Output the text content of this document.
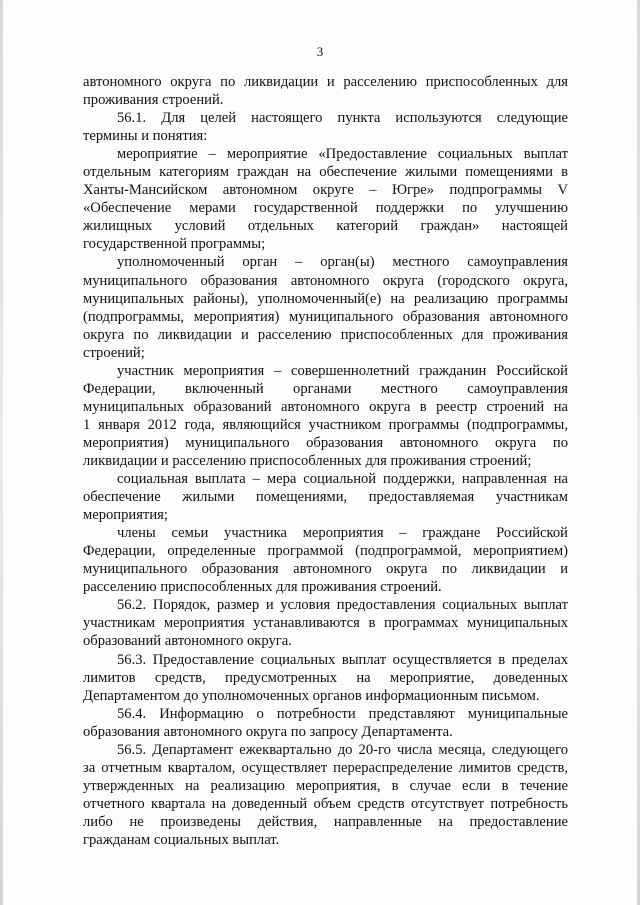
3
автономного округа по ликвидации и расселению приспособленных для
проживания строений.
56.1. Для целей настоящего пункта используются следующие
термины и понятия:
мероприятие – мероприятие «Предоставление социальных выплат
отдельным категориям граждан на обеспечение жилыми помещениями в
Ханты-Мансийском автономном округе – Югре» подпрограммы V
«Обеспечение мерами государственной поддержки по улучшению
жилищных условий отдельных категорий граждан» настоящей
государственной программы;
уполномоченный орган – орган(ы) местного самоуправления
муниципального образования автономного округа (городского округа,
муниципальных районы), уполномоченный(е) на реализацию программы
(подпрограммы, мероприятия) муниципального образования автономного
округа по ликвидации и расселению приспособленных для проживания
строений;
участник мероприятия – совершеннолетний гражданин Российской
Федерации, включенный органами местного самоуправления
муниципальных образований автономного округа в реестр строений на
1 января 2012 года, являющийся участником программы (подпрограммы,
мероприятия) муниципального образования автономного округа по
ликвидации и расселению приспособленных для проживания строений;
социальная выплата – мера социальной поддержки, направленная на
обеспечение жилыми помещениями, предоставляемая участникам
мероприятия;
члены семьи участника мероприятия – граждане Российской
Федерации, определенные программой (подпрограммой, мероприятием)
муниципального образования автономного округа по ликвидации и
расселению приспособленных для проживания строений.
56.2. Порядок, размер и условия предоставления социальных выплат
участникам мероприятия устанавливаются в программах муниципальных
образований автономного округа.
56.3. Предоставление социальных выплат осуществляется в пределах
лимитов средств, предусмотренных на мероприятие, доведенных
Департаментом до уполномоченных органов информационным письмом.
56.4. Информацию о потребности представляют муниципальные
образования автономного округа по запросу Департамента.
56.5. Департамент ежеквартально до 20-го числа месяца, следующего
за отчетным кварталом, осуществляет перераспределение лимитов средств,
утвержденных на реализацию мероприятия, в случае если в течение
отчетного квартала на доведенный объем средств отсутствует потребность
либо не произведены действия, направленные на предоставление
гражданам социальных выплат.
